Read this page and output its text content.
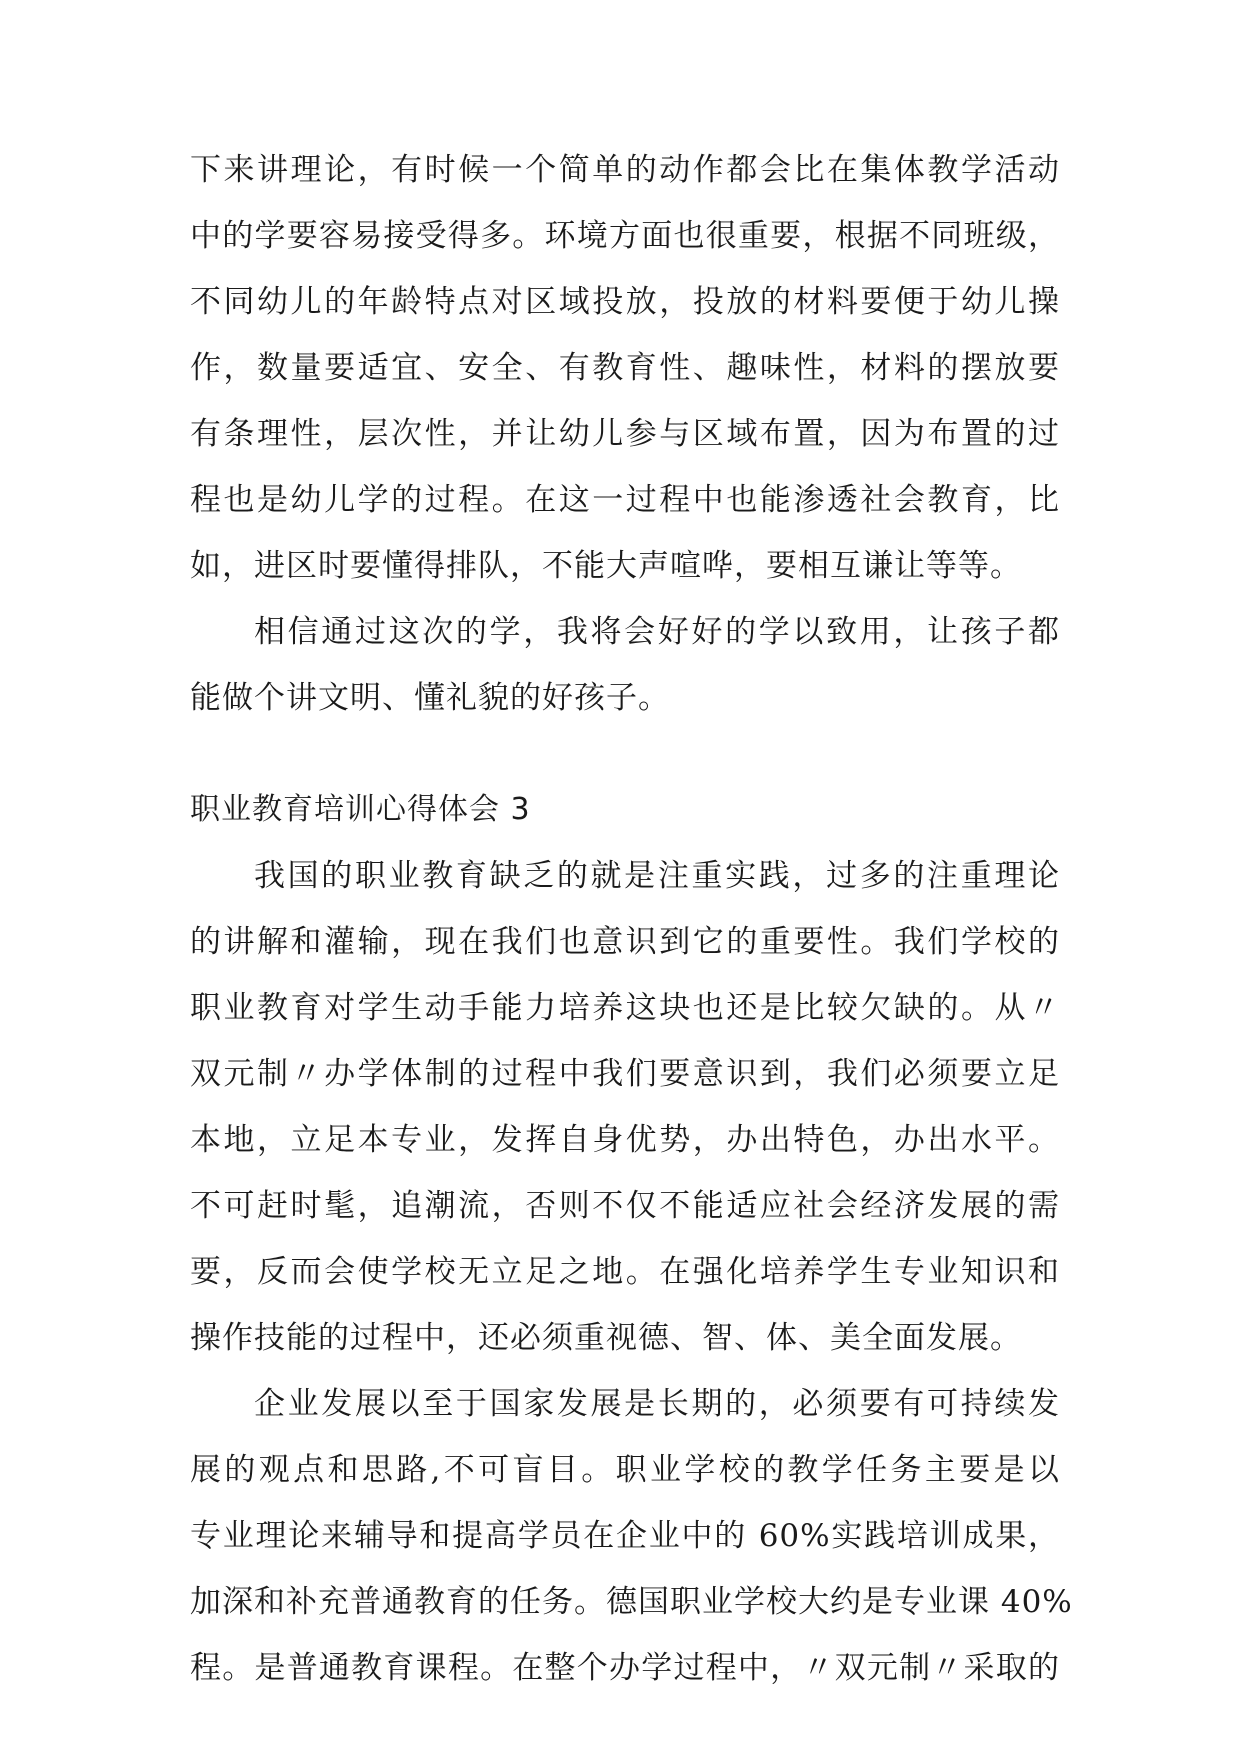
下来讲理论，有时候一个简单的动作都会比在集体教学活动
中的学要容易接受得多。环境方面也很重要，根据不同班级，
不同幼儿的年龄特点对区域投放，投放的材料要便于幼儿操
作，数量要适宜、安全、有教育性、趣味性，材料的摆放要
有条理性，层次性，并让幼儿参与区域布置，因为布置的过
程也是幼儿学的过程。在这一过程中也能渗透社会教育，比
如，进区时要懂得排队，不能大声喧哗，要相互谦让等等。
相信通过这次的学，我将会好好的学以致用，让孩子都
能做个讲文明、懂礼貌的好孩子。
职业教育培训心得体会 3
我国的职业教育缺乏的就是注重实践，过多的注重理论
的讲解和灌输，现在我们也意识到它的重要性。我们学校的
职业教育对学生动手能力培养这块也还是比较欠缺的。从〃
双元制〃办学体制的过程中我们要意识到，我们必须要立足
本地，立足本专业，发挥自身优势，办出特色，办出水平。
不可赶时髦，追潮流，否则不仅不能适应社会经济发展的需
要，反而会使学校无立足之地。在强化培养学生专业知识和
操作技能的过程中，还必须重视德、智、体、美全面发展。
企业发展以至于国家发展是长期的，必须要有可持续发
展的观点和思路,不可盲目。职业学校的教学任务主要是以
专业理论来辅导和提高学员在企业中的 60%实践培训成果，
加深和补充普通教育的任务。德国职业学校大约是专业课 40%
程。是普通教育课程。在整个办学过程中，〃双元制〃采取的
